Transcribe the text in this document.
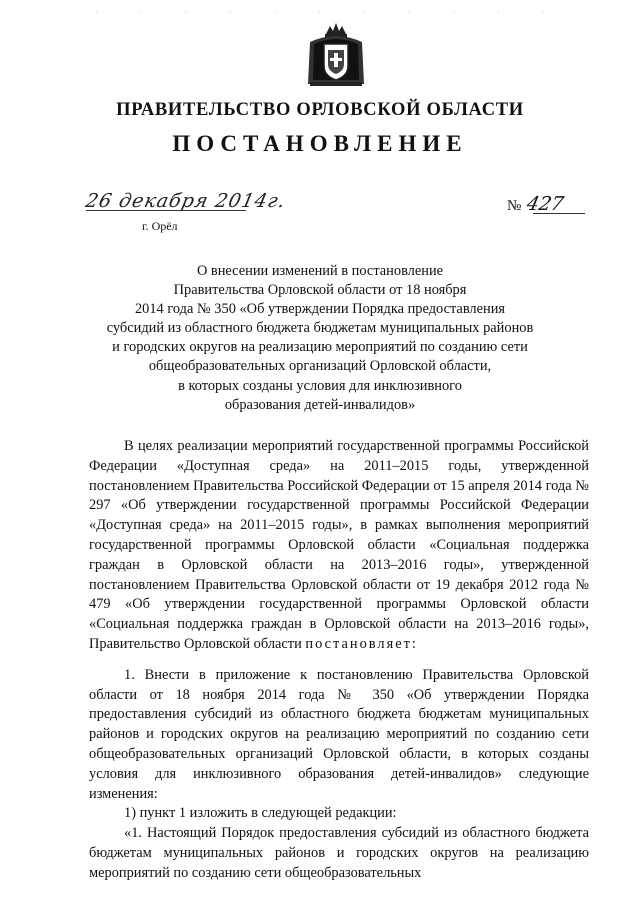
· · · · · · · · · · ·
ПРАВИТЕЛЬСТВО ОРЛОВСКОЙ ОБЛАСТИ
ПОСТАНОВЛЕНИЕ
26 декабря 2014г.
г. Орёл
№ 427
О внесении изменений в постановление
Правительства Орловской области от 18 ноября
2014 года № 350 «Об утверждении Порядка предоставления
субсидий из областного бюджета бюджетам муниципальных районов
и городских округов на реализацию мероприятий по созданию сети
общеобразовательных организаций Орловской области,
в которых созданы условия для инклюзивного
образования детей-инвалидов»

В целях реализации мероприятий государственной программы Российской Федерации «Доступная среда» на 2011–2015 годы, утвержденной постановлением Правительства Российской Федерации от 15 апреля 2014 года № 297 «Об утверждении государственной программы Российской Федерации «Доступная среда» на 2011–2015 годы», в рамках выполнения мероприятий государственной программы Орловской области «Социальная поддержка граждан в Орловской области на 2013–2016 годы», утвержденной постановлением Правительства Орловской области от 19 декабря 2012 года № 479 «Об утверждении государственной программы Орловской области «Социальная поддержка граждан в Орловской области на 2013–2016 годы», Правительство Орловской области постановляет:

1. Внести в приложение к постановлению Правительства Орловской области от 18 ноября 2014 года № 350 «Об утверждении Порядка предоставления субсидий из областного бюджета бюджетам муниципальных районов и городских округов на реализацию мероприятий по созданию сети общеобразовательных организаций Орловской области, в которых созданы условия для инклюзивного образования детей-инвалидов» следующие изменения:

1) пункт 1 изложить в следующей редакции:

«1. Настоящий Порядок предоставления субсидий из областного бюджета бюджетам муниципальных районов и городских округов на реализацию мероприятий по созданию сети общеобразовательных
